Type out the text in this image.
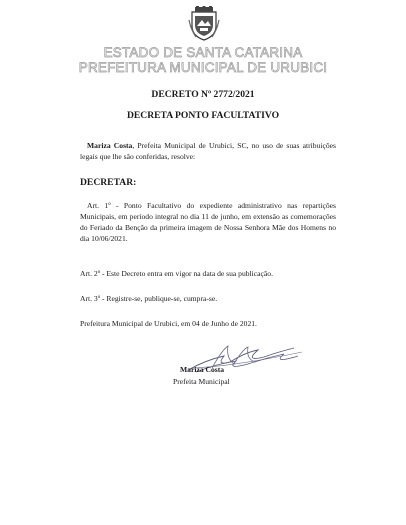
ESTADO DE SANTA CATARINA
PREFEITURA MUNICIPAL DE URUBICI
DECRETO Nº 2772/2021
DECRETA PONTO FACULTATIVO
Mariza Costa, Prefeita Municipal de Urubici, SC, no uso de suas atribuições legais que lhe são conferidas, resolve:
DECRETAR:
Art. 1º - Ponto Facultativo do expediente administrativo nas repartições Municipais, em período integral no dia 11 de junho, em extensão as comemorações do Feriado da Benção da primeira imagem de Nossa Senhora Mãe dos Homens no dia 10/06/2021.
Art. 2º - Este Decreto entra em vigor na data de sua publicação.
Art. 3º - Registre-se, publique-se, cumpra-se.
Prefeitura Municipal de Urubici, em 04 de Junho de 2021.
Mariza Costa
Prefeita Municipal
